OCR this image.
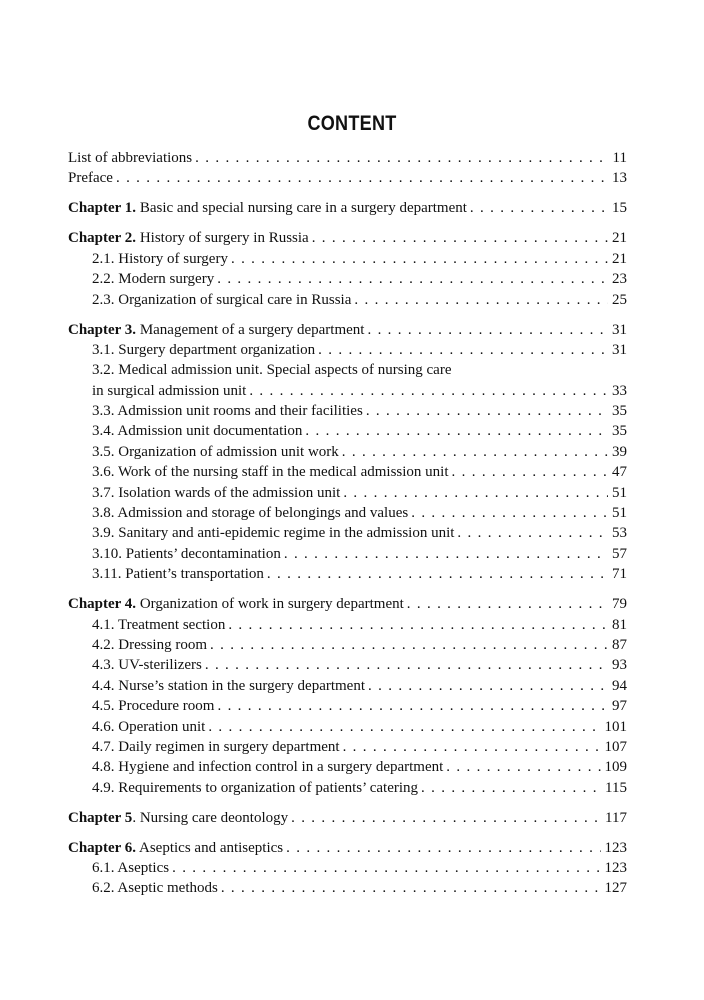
CONTENT
List of abbreviations . . .	11
Preface . . .	13
Chapter 1. Basic and special nursing care in a surgery department . . .	15
Chapter 2. History of surgery in Russia . . .	21
2.1. History of surgery . . .	21
2.2. Modern surgery . . .	23
2.3. Organization of surgical care in Russia . . .	25
Chapter 3. Management of a surgery department . . .	31
3.1. Surgery department organization . . .	31
3.2. Medical admission unit. Special aspects of nursing care
in surgical admission unit . . .	33
3.3. Admission unit rooms and their facilities . . .	35
3.4. Admission unit documentation . . .	35
3.5. Organization of admission unit work . . .	39
3.6. Work of the nursing staff in the medical admission unit . . .	47
3.7. Isolation wards of the admission unit . . .	51
3.8. Admission and storage of belongings and values . . .	51
3.9. Sanitary and anti-epidemic regime in the admission unit . . .	53
3.10. Patients’ decontamination . . .	57
3.11. Patient’s transportation . . .	71
Chapter 4. Organization of work in surgery department . . .	79
4.1. Treatment section . . .	81
4.2. Dressing room . . .	87
4.3. UV-sterilizers . . .	93
4.4. Nurse’s station in the surgery department . . .	94
4.5. Procedure room . . .	97
4.6. Operation unit . . .	101
4.7. Daily regimen in surgery department . . .	107
4.8. Hygiene and infection control in a surgery department . . .	109
4.9. Requirements to organization of patients’ catering . . .	115
Chapter 5. Nursing care deontology . . .	117
Chapter 6. Aseptics and antiseptics . . .	123
6.1. Aseptics . . .	123
6.2. Aseptic methods . . .	127
